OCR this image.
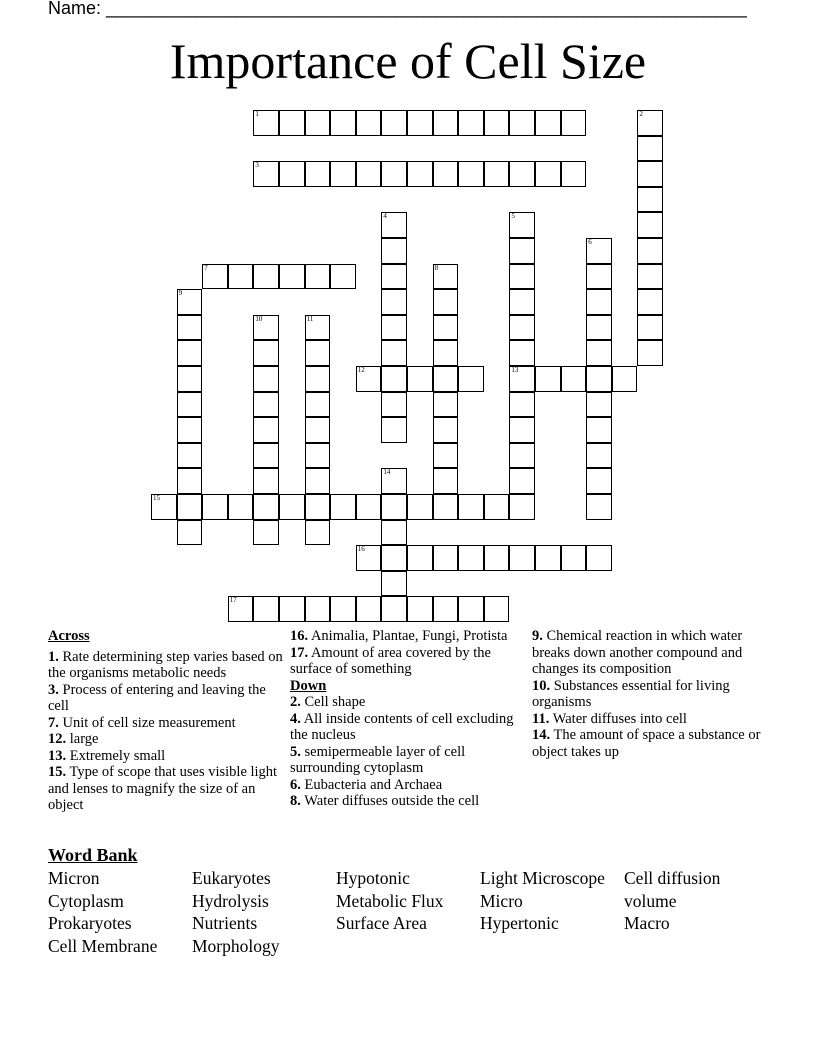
Name: ________________________________________________________________
Importance of Cell Size
1	2
3
4	5
13
6
7	8
9
10	11
12
14
15
16
17
Across
1. Rate determining step varies based on the organisms metabolic needs
3. Process of entering and leaving the cell
7. Unit of cell size measurement
12. large
13. Extremely small
15. Type of scope that uses visible light and lenses to magnify the size of an object
16. Animalia, Plantae, Fungi, Protista
17. Amount of area covered by the surface of something
Down
2. Cell shape
4. All inside contents of cell excluding the nucleus
5. semipermeable layer of cell surrounding cytoplasm
6. Eubacteria and Archaea
8. Water diffuses outside the cell
9. Chemical reaction in which water breaks down another compound and changes its composition
10. Substances essential for living organisms
11. Water diffuses into cell
14. The amount of space a substance or object takes up
Word Bank
Micron
Cytoplasm
Prokaryotes
Cell Membrane
Eukaryotes
Hydrolysis
Nutrients
Morphology
Hypotonic
Metabolic Flux
Surface Area
Light Microscope
Micro
Hypertonic
Cell diffusion
volume
Macro
